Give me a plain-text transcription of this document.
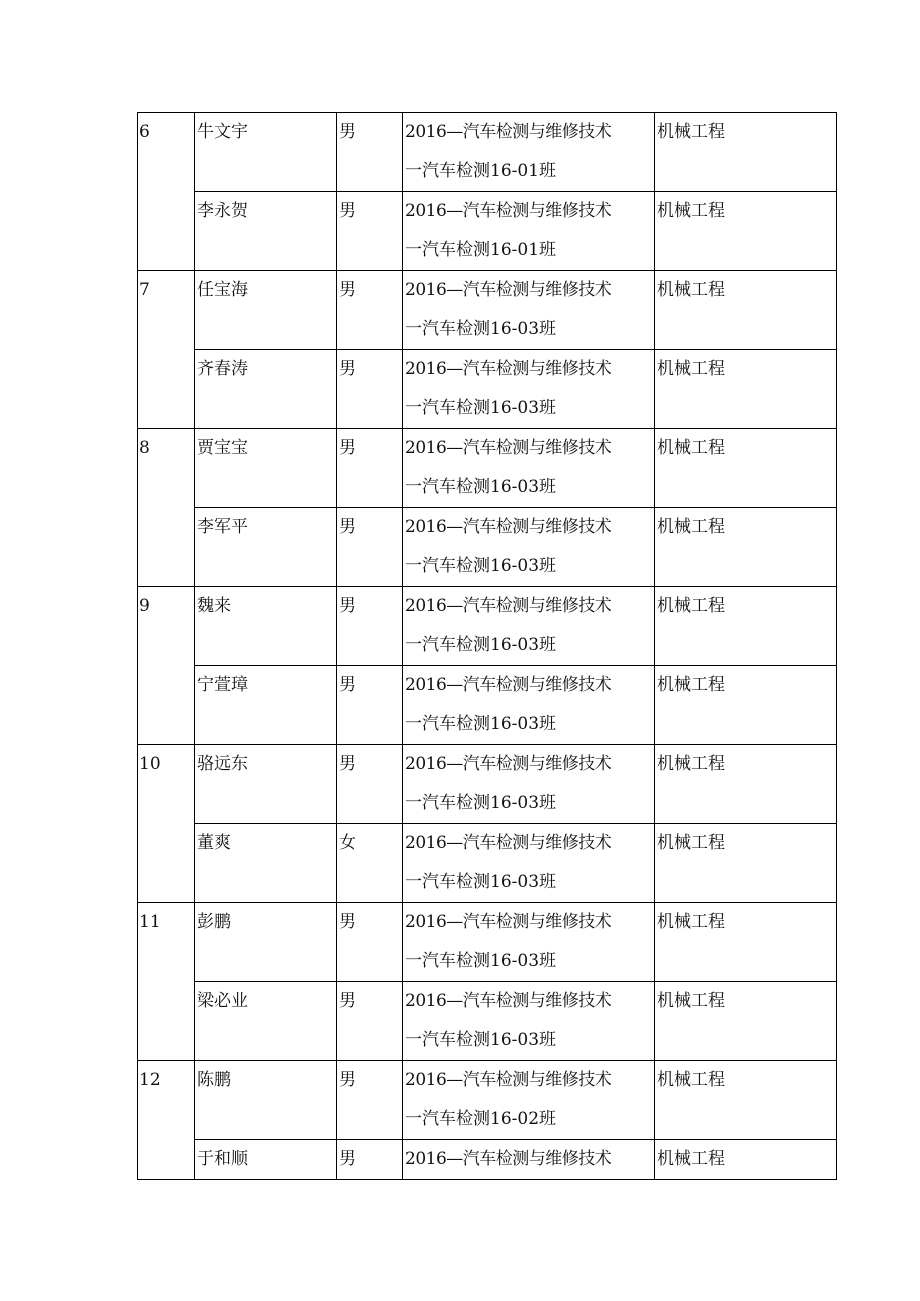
6	牛文宇	男	2016—汽车检测与维修技术
一汽车检测16-01班	机械工程
	李永贺	男	2016—汽车检测与维修技术
一汽车检测16-01班	机械工程
7	任宝海	男	2016—汽车检测与维修技术
一汽车检测16-03班	机械工程
	齐春涛	男	2016—汽车检测与维修技术
一汽车检测16-03班	机械工程
8	贾宝宝	男	2016—汽车检测与维修技术
一汽车检测16-03班	机械工程
	李军平	男	2016—汽车检测与维修技术
一汽车检测16-03班	机械工程
9	魏来	男	2016—汽车检测与维修技术
一汽车检测16-03班	机械工程
	宁萱璋	男	2016—汽车检测与维修技术
一汽车检测16-03班	机械工程
10	骆远东	男	2016—汽车检测与维修技术
一汽车检测16-03班	机械工程
	董爽	女	2016—汽车检测与维修技术
一汽车检测16-03班	机械工程
11	彭鹏	男	2016—汽车检测与维修技术
一汽车检测16-03班	机械工程
	梁必业	男	2016—汽车检测与维修技术
一汽车检测16-03班	机械工程
12	陈鹏	男	2016—汽车检测与维修技术
一汽车检测16-02班	机械工程
	于和顺	男	2016—汽车检测与维修技术	机械工程
